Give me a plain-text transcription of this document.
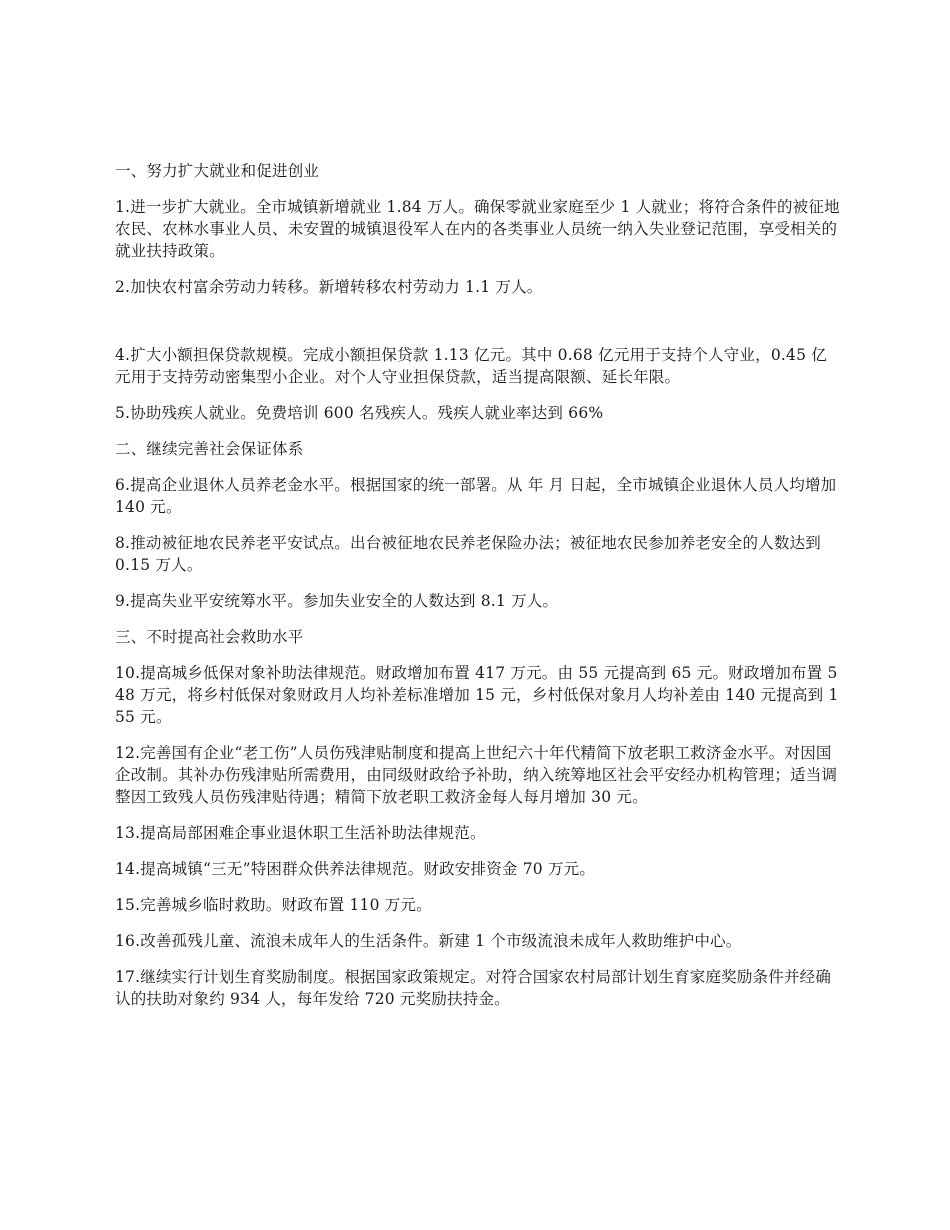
一、努力扩大就业和促进创业
1.进一步扩大就业。全市城镇新增就业 1.84 万人。确保零就业家庭至少 1 人就业；将符合条件的被征地农民、农林水事业人员、未安置的城镇退役军人在内的各类事业人员统一纳入失业登记范围，享受相关的就业扶持政策。
2.加快农村富余劳动力转移。新增转移农村劳动力 1.1 万人。
4.扩大小额担保贷款规模。完成小额担保贷款 1.13 亿元。其中 0.68 亿元用于支持个人守业，0.45 亿元用于支持劳动密集型小企业。对个人守业担保贷款，适当提高限额、延长年限。
5.协助残疾人就业。免费培训 600 名残疾人。残疾人就业率达到 66%
二、继续完善社会保证体系
6.提高企业退休人员养老金水平。根据国家的统一部署。从 年 月 日起，全市城镇企业退休人员人均增加 140 元。
8.推动被征地农民养老平安试点。出台被征地农民养老保险办法；被征地农民参加养老安全的人数达到 0.15 万人。
9.提高失业平安统筹水平。参加失业安全的人数达到 8.1 万人。
三、不时提高社会救助水平
10.提高城乡低保对象补助法律规范。财政增加布置 417 万元。由 55 元提高到 65 元。财政增加布置 548 万元，将乡村低保对象财政月人均补差标准增加 15 元，乡村低保对象月人均补差由 140 元提高到 155 元。
12.完善国有企业“老工伤”人员伤残津贴制度和提高上世纪六十年代精简下放老职工救济金水平。对因国企改制。其补办伤残津贴所需费用，由同级财政给予补助，纳入统筹地区社会平安经办机构管理；适当调整因工致残人员伤残津贴待遇；精简下放老职工救济金每人每月增加 30 元。
13.提高局部困难企事业退休职工生活补助法律规范。
14.提高城镇“三无”特困群众供养法律规范。财政安排资金 70 万元。
15.完善城乡临时救助。财政布置 110 万元。
16.改善孤残儿童、流浪未成年人的生活条件。新建 1 个市级流浪未成年人救助维护中心。
17.继续实行计划生育奖励制度。根据国家政策规定。对符合国家农村局部计划生育家庭奖励条件并经确认的扶助对象约 934 人，每年发给 720 元奖励扶持金。
